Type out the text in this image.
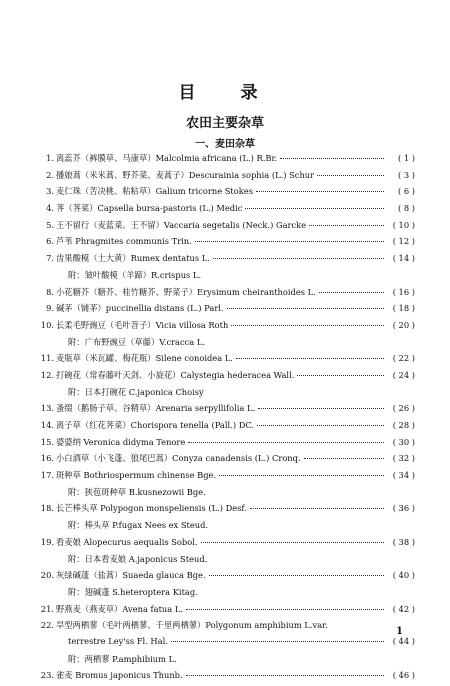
目　录
农田主要杂草
一、麦田杂草
1. 离蕊芥（裤膜草、马康草）Malcolmia africana (L.) R.Br.	( 1 )
2. 播娘蒿（米米蒿、野芥菜、麦蒿子）Descurainia sophia (L.) Schur	( 3 )
3. 麦仁珠（苦决桃、粘粘草）Galium tricorne Stokes	( 6 )
4. 荠（荠菜）Capsella bursa-pastoris (L.) Medic	( 8 )
5. 王不留行（麦蓝菜、王不留）Vaccaria segetalis (Neck.) Garcke	( 10 )
6. 芦苇 Phragmites communis Trin.	( 12 )
7. 齿果酸模（土大黄）Rumex dentatus L.	( 14 )
附：皱叶酸模（羊蹄）R.crispus L.
8. 小花糖芥（糖芥、桂竹糖芥、野菜子）Erysimum cheiranthoides L.	( 16 )
9. 碱茅（铺茅）puccinellia distans (L.) Parl.	( 18 )
10. 长柔毛野豌豆（毛叶苕子）Vicia villosa Roth	( 20 )
附：广布野豌豆（草藤）V.cracca L.
11. 麦瓶草（米瓦罐、梅花瓶）Silene conoidea L.	( 22 )
12. 打碗花（常春藤叶天剑、小旋花）Calystegia hederacea Wall.	( 24 )
附：日本打碗花 C.japonica Choisy
13. 蚤缀（鹅肠子草、谷精草）Arenaria serpyllifolia L.	( 26 )
14. 离子草（红花荠菜）Chorispora tenella (Pall.) DC.	( 28 )
15. 婆婆纳 Veronica didyma Tenore	( 30 )
16. 小白酒草（小飞蓬、狼尾巴蒿）Conyza canadensis (L.) Cronq.	( 32 )
17. 斑种草 Bothriospermum chinense Bge.	( 34 )
附：狭苞斑种草 B.kusnezowii Bge.
18. 长芒棒头草 Polypogon monspeliensis (L.) Desf.	( 36 )
附：棒头草 P.fugax Nees ex Steud.
19. 看麦娘 Alopecurus aequalis Sobol.	( 38 )
附：日本看麦娘 A.japonicus Steud.
20. 灰绿碱蓬（盐蒿）Suaeda glauca Bge.	( 40 )
附：翅碱蓬 S.heteroptera Kitag.
21. 野燕麦（燕麦草）Avena fatua L.	( 42 )
22. 旱型两栖蓼（毛叶两栖蓼、千里两栖蓼）Polygonum amphibium L.var.
terrestre Ley'ss Fl. Hal.	( 44 )
附：两栖蓼 P.amphibium L.
23. 雀麦 Bromus japonicus Thunb.	( 46 )
1
